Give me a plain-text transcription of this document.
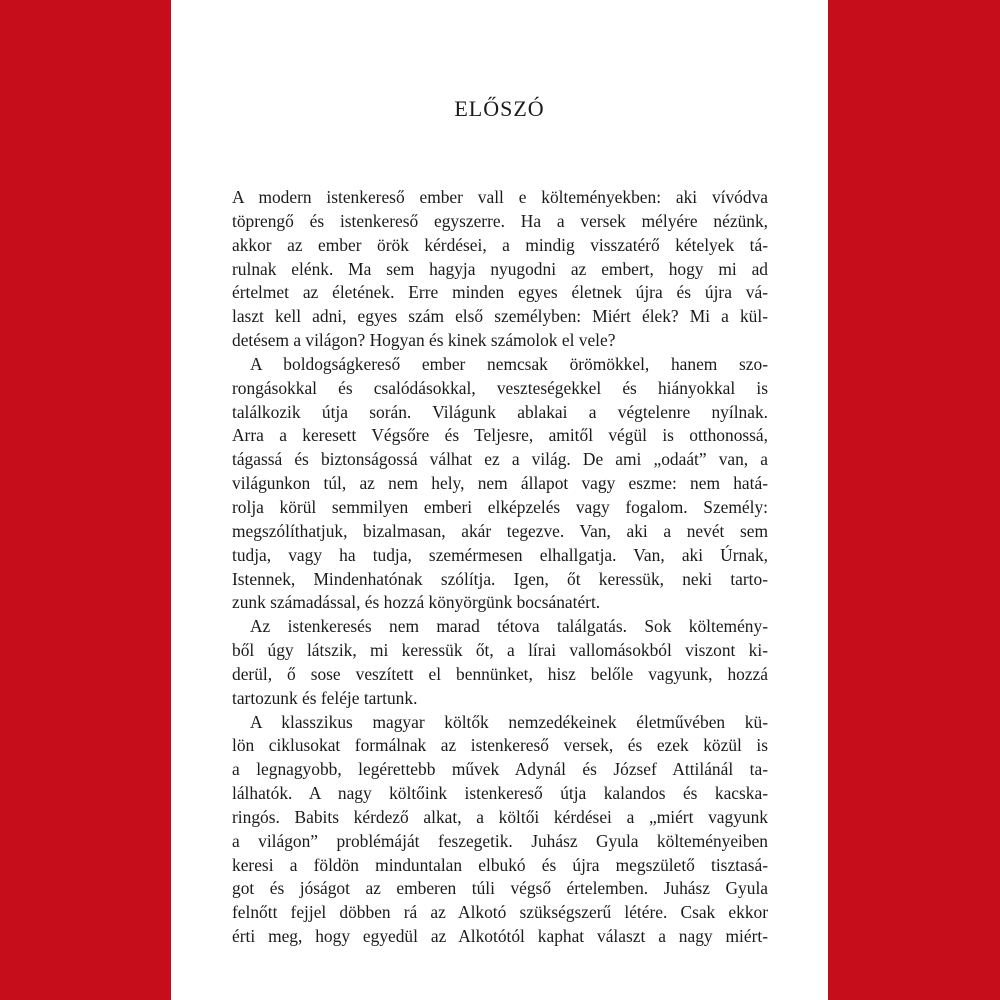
ELŐSZÓ
A modern istenkereső ember vall e költeményekben: aki vívódva
töprengő és istenkereső egyszerre. Ha a versek mélyére nézünk,
akkor az ember örök kérdései, a mindig visszatérő kételyek tá-
rulnak elénk. Ma sem hagyja nyugodni az embert, hogy mi ad
értelmet az életének. Erre minden egyes életnek újra és újra vá-
laszt kell adni, egyes szám első személyben: Miért élek? Mi a kül-
detésem a világon? Hogyan és kinek számolok el vele?
A boldogságkereső ember nemcsak örömökkel, hanem szo-
rongásokkal és csalódásokkal, veszteségekkel és hiányokkal is
találkozik útja során. Világunk ablakai a végtelenre nyílnak.
Arra a keresett Végsőre és Teljesre, amitől végül is otthonossá,
tágassá és biztonságossá válhat ez a világ. De ami „odaát” van, a
világunkon túl, az nem hely, nem állapot vagy eszme: nem hatá-
rolja körül semmilyen emberi elképzelés vagy fogalom. Személy:
megszólíthatjuk, bizalmasan, akár tegezve. Van, aki a nevét sem
tudja, vagy ha tudja, szemérmesen elhallgatja. Van, aki Úrnak,
Istennek, Mindenhatónak szólítja. Igen, őt keressük, neki tarto-
zunk számadással, és hozzá könyörgünk bocsánatért.
Az istenkeresés nem marad tétova találgatás. Sok költemény-
ből úgy látszik, mi keressük őt, a lírai vallomásokból viszont ki-
derül, ő sose veszített el bennünket, hisz belőle vagyunk, hozzá
tartozunk és feléje tartunk.
A klasszikus magyar költők nemzedékeinek életművében kü-
lön ciklusokat formálnak az istenkereső versek, és ezek közül is
a legnagyobb, legérettebb művek Adynál és József Attilánál ta-
lálhatók. A nagy költőink istenkereső útja kalandos és kacska-
ringós. Babits kérdező alkat, a költői kérdései a „miért vagyunk
a világon” problémáját feszegetik. Juhász Gyula költeményeiben
keresi a földön minduntalan elbukó és újra megszülető tisztasá-
got és jóságot az emberen túli végső értelemben. Juhász Gyula
felnőtt fejjel döbben rá az Alkotó szükségszerű létére. Csak ekkor
érti meg, hogy egyedül az Alkotótól kaphat választ a nagy miért-
